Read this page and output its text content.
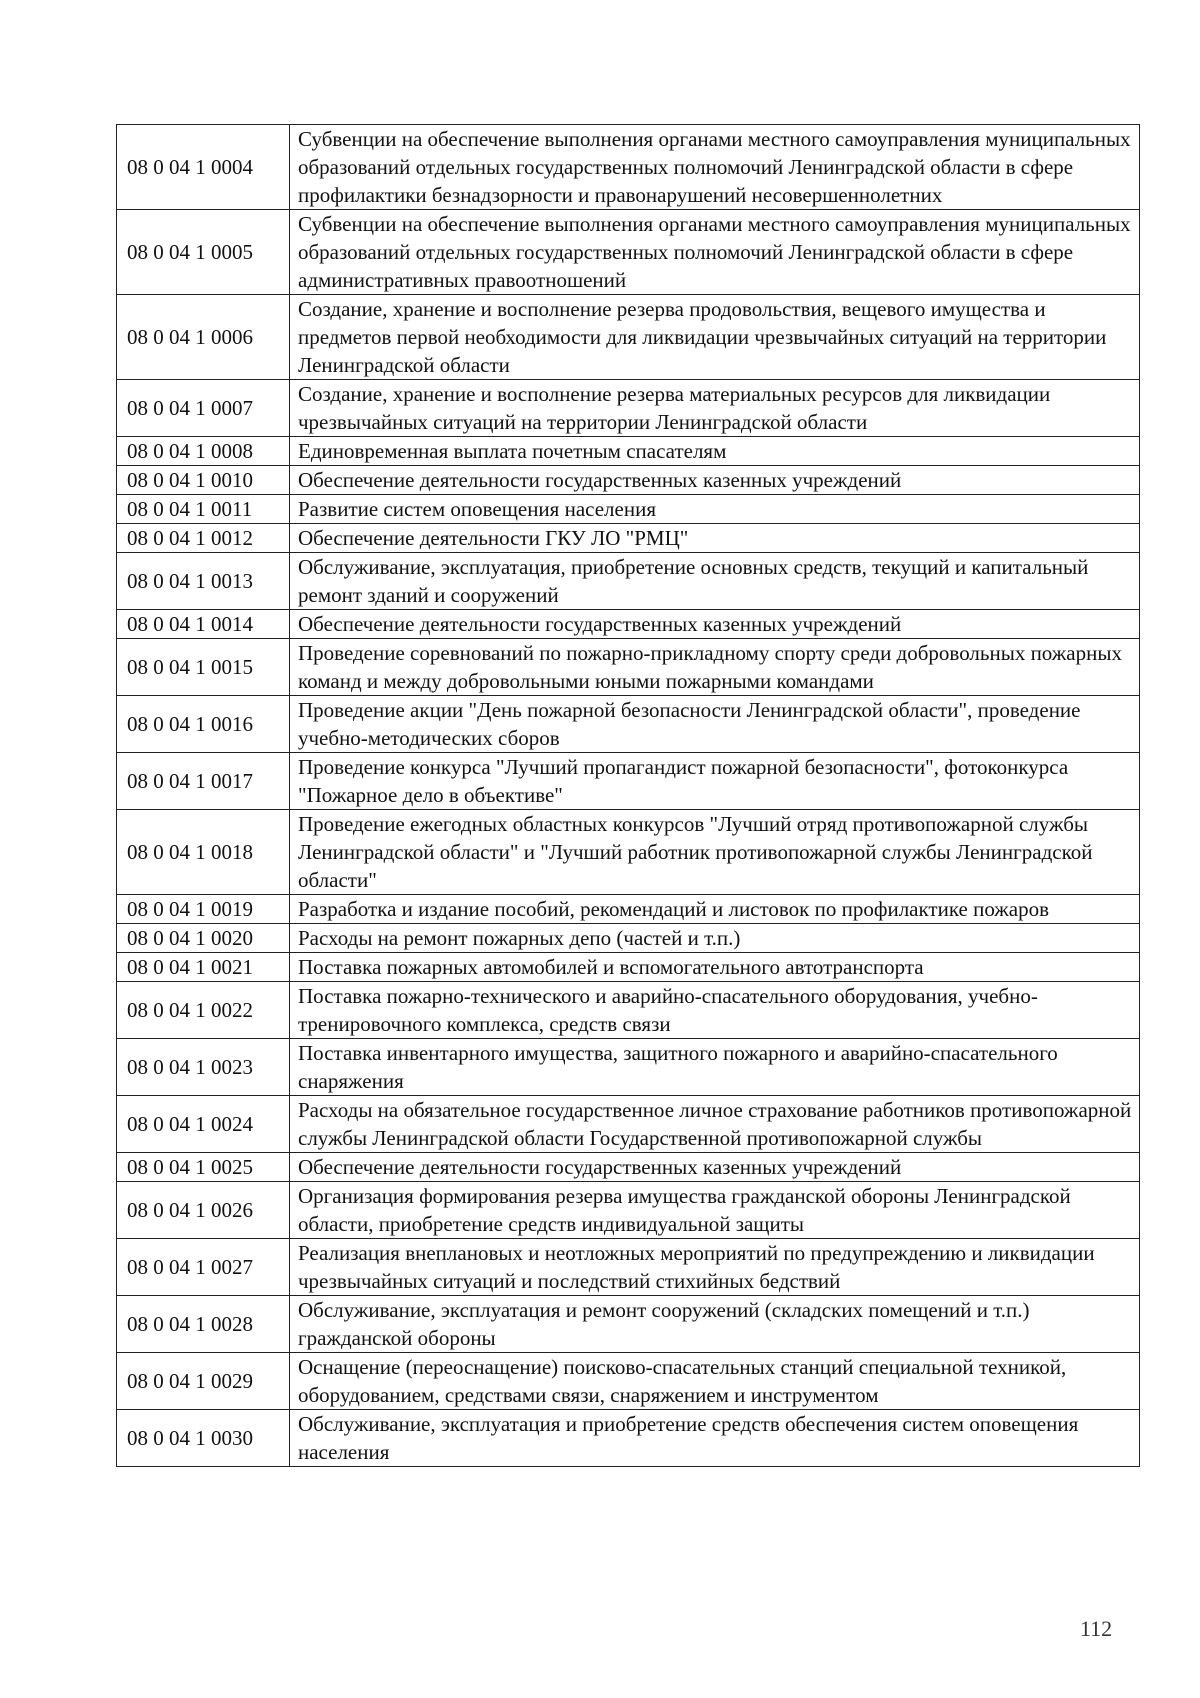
08 0 04 1 0004	Субвенции на обеспечение выполнения органами местного самоуправления муниципальных образований отдельных государственных полномочий Ленинградской области в сфере профилактики безнадзорности и правонарушений несовершеннолетних
08 0 04 1 0005	Субвенции на обеспечение выполнения органами местного самоуправления муниципальных образований отдельных государственных полномочий Ленинградской области в сфере административных правоотношений
08 0 04 1 0006	Создание, хранение и восполнение резерва продовольствия, вещевого имущества и предметов первой необходимости для ликвидации чрезвычайных ситуаций на территории Ленинградской области
08 0 04 1 0007	Создание, хранение и восполнение резерва материальных ресурсов для ликвидации чрезвычайных ситуаций на территории Ленинградской области
08 0 04 1 0008	Единовременная выплата почетным спасателям
08 0 04 1 0010	Обеспечение деятельности государственных казенных учреждений
08 0 04 1 0011	Развитие систем оповещения населения
08 0 04 1 0012	Обеспечение деятельности ГКУ ЛО "РМЦ"
08 0 04 1 0013	Обслуживание, эксплуатация, приобретение основных средств, текущий и капитальный ремонт зданий и сооружений
08 0 04 1 0014	Обеспечение деятельности государственных казенных учреждений
08 0 04 1 0015	Проведение соревнований по пожарно-прикладному спорту среди добровольных пожарных команд и между добровольными юными пожарными командами
08 0 04 1 0016	Проведение акции "День пожарной безопасности Ленинградской области", проведение учебно-методических сборов
08 0 04 1 0017	Проведение конкурса "Лучший пропагандист пожарной безопасности", фотоконкурса "Пожарное дело в объективе"
08 0 04 1 0018	Проведение ежегодных областных конкурсов "Лучший отряд противопожарной службы Ленинградской области" и "Лучший работник противопожарной службы Ленинградской области"
08 0 04 1 0019	Разработка и издание пособий, рекомендаций и листовок по профилактике пожаров
08 0 04 1 0020	Расходы на ремонт пожарных депо (частей и т.п.)
08 0 04 1 0021	Поставка пожарных автомобилей и вспомогательного автотранспорта
08 0 04 1 0022	Поставка пожарно-технического и аварийно-спасательного оборудования, учебно-тренировочного комплекса, средств связи
08 0 04 1 0023	Поставка инвентарного имущества, защитного пожарного и аварийно-спасательного снаряжения
08 0 04 1 0024	Расходы на обязательное государственное личное страхование работников противопожарной службы Ленинградской области Государственной противопожарной службы
08 0 04 1 0025	Обеспечение деятельности государственных казенных учреждений
08 0 04 1 0026	Организация формирования резерва имущества гражданской обороны Ленинградской области, приобретение средств индивидуальной защиты
08 0 04 1 0027	Реализация внеплановых и неотложных мероприятий по предупреждению и ликвидации чрезвычайных ситуаций и последствий стихийных бедствий
08 0 04 1 0028	Обслуживание, эксплуатация и ремонт сооружений (складских помещений и т.п.) гражданской обороны
08 0 04 1 0029	Оснащение (переоснащение) поисково-спасательных станций специальной техникой, оборудованием, средствами связи, снаряжением и инструментом
08 0 04 1 0030	Обслуживание, эксплуатация и приобретение средств обеспечения систем оповещения населения
112
